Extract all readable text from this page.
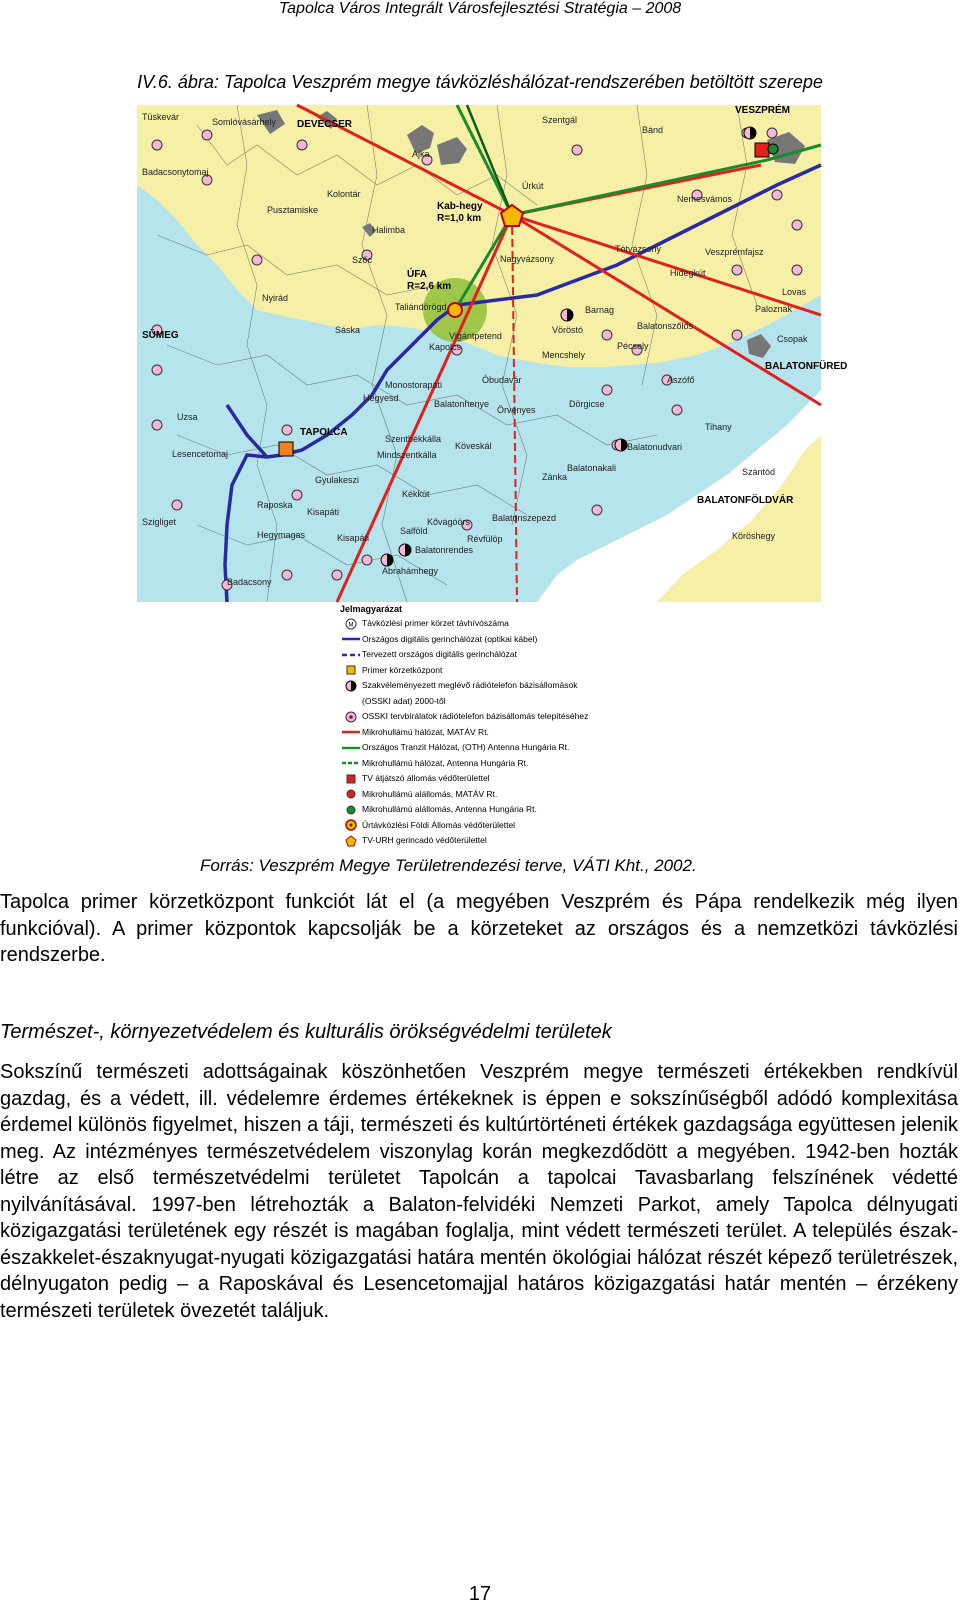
Tapolca Város Integrált Városfejlesztési Stratégia – 2008
IV.6. ábra: Tapolca Veszprém megye távközléshálózat-rendszerében betöltött szerepe
Tüskevár	Somlóvásárhely DEVECSER
Ajka
Szentgál
Bánd
VESZPRÉM
Badacsonytomaj
Kab-hegy
R=1,0 km
Úrkút
Nemesvámos
Pusztamiske
Kolontár
Halimba
Szőc
ÚFA
R=2,6 km
Nagyvázsony
Tótvázsony	Veszprémfajsz
Hidegkút
Nyirád
Taliándörögd	Barnag
Lovas
SÜMEG	Sáska
Kapolcs
Vigántpetend
Vöröstó	Balatonszőlős
Pécsely
Csopak
BALATONFÜRED
Monostorapáti
Hegyesd
Mencshely
Óbudavár	Aszófő
Uzsa
TAPOLCA
Balatonhenye
Örvényes
Dörgicse
Tihany
Lesencetomaj
Szentbékkálla
Köveskál
Zánka
Balatonudvari
Balatonakali	Szántód
Gyulakeszi
Kékkút
Raposka
Kisapáti
Kővágóörs Balatonszepezd
BALATONFÖLDVÁR
Hegymagas	Salföld
Révfülöp
Balatonrendes
Ábrahámhegy
Szigliget
Badacsony
Köröshegy
Paloznak
Mindszentkálla
Kisapáti
Jelmagyarázat
M Távközlési primer körzet távhívószáma
Országos digitális gerinchálózat (optikai kábel)
Tervezett országos digitális gerinchálózat
Primer körzetközpont
Szakvéleményezett meglévő rádiótelefon bázisállomások
(OSSKI adat) 2000-től
OSSKI tervbírálatok rádiótelefon bázisállomás telepítéséhez
Mikrohullámú hálózat, MATÁV Rt.
Országos Tranzit Hálózat, (OTH) Antenna Hungária Rt.
Mikrohullámú hálózat, Antenna Hungária Rt.
TV átjátszó állomás védőterülettel
Mikrohullámú alállomás, MATÁV Rt.
Mikrohullámú alállomás, Antenna Hungária Rt.
Űrtávközlési Földi Állomás védőterülettel
TV-URH gerincadó védőterülettel
Forrás: Veszprém Megye Területrendezési terve, VÁTI Kht., 2002.
Tapolca primer körzetközpont funkciót lát el (a megyében Veszprém és Pápa rendelkezik még ilyen funkcióval). A primer központok kapcsolják be a körzeteket az országos és a nemzetközi távközlési rendszerbe.
Természet-, környezetvédelem és kulturális örökségvédelmi területek
Sokszínű természeti adottságainak köszönhetően Veszprém megye természeti értékekben rendkívül gazdag, és a védett, ill. védelemre érdemes értékeknek is éppen e sokszínűségből adódó komplexitása érdemel különös figyelmet, hiszen a táji, természeti és kultúrtörténeti értékek gazdagsága együttesen jelenik meg. Az intézményes természetvédelem viszonylag korán megkezdődött a megyében. 1942-ben hozták létre az első természetvédelmi területet Tapolcán a tapolcai Tavasbarlang felszínének védetté nyilvánításával. 1997-ben létrehozták a Balaton-felvidéki Nemzeti Parkot, amely Tapolca délnyugati közigazgatási területének egy részét is magában foglalja, mint védett természeti terület. A település észak-északkelet-északnyugat-nyugati közigazgatási határa mentén ökológiai hálózat részét képező területrészek, délnyugaton pedig – a Raposkával és Lesencetomajjal határos közigazgatási határ mentén – érzékeny természeti területek övezetét találjuk.
17
